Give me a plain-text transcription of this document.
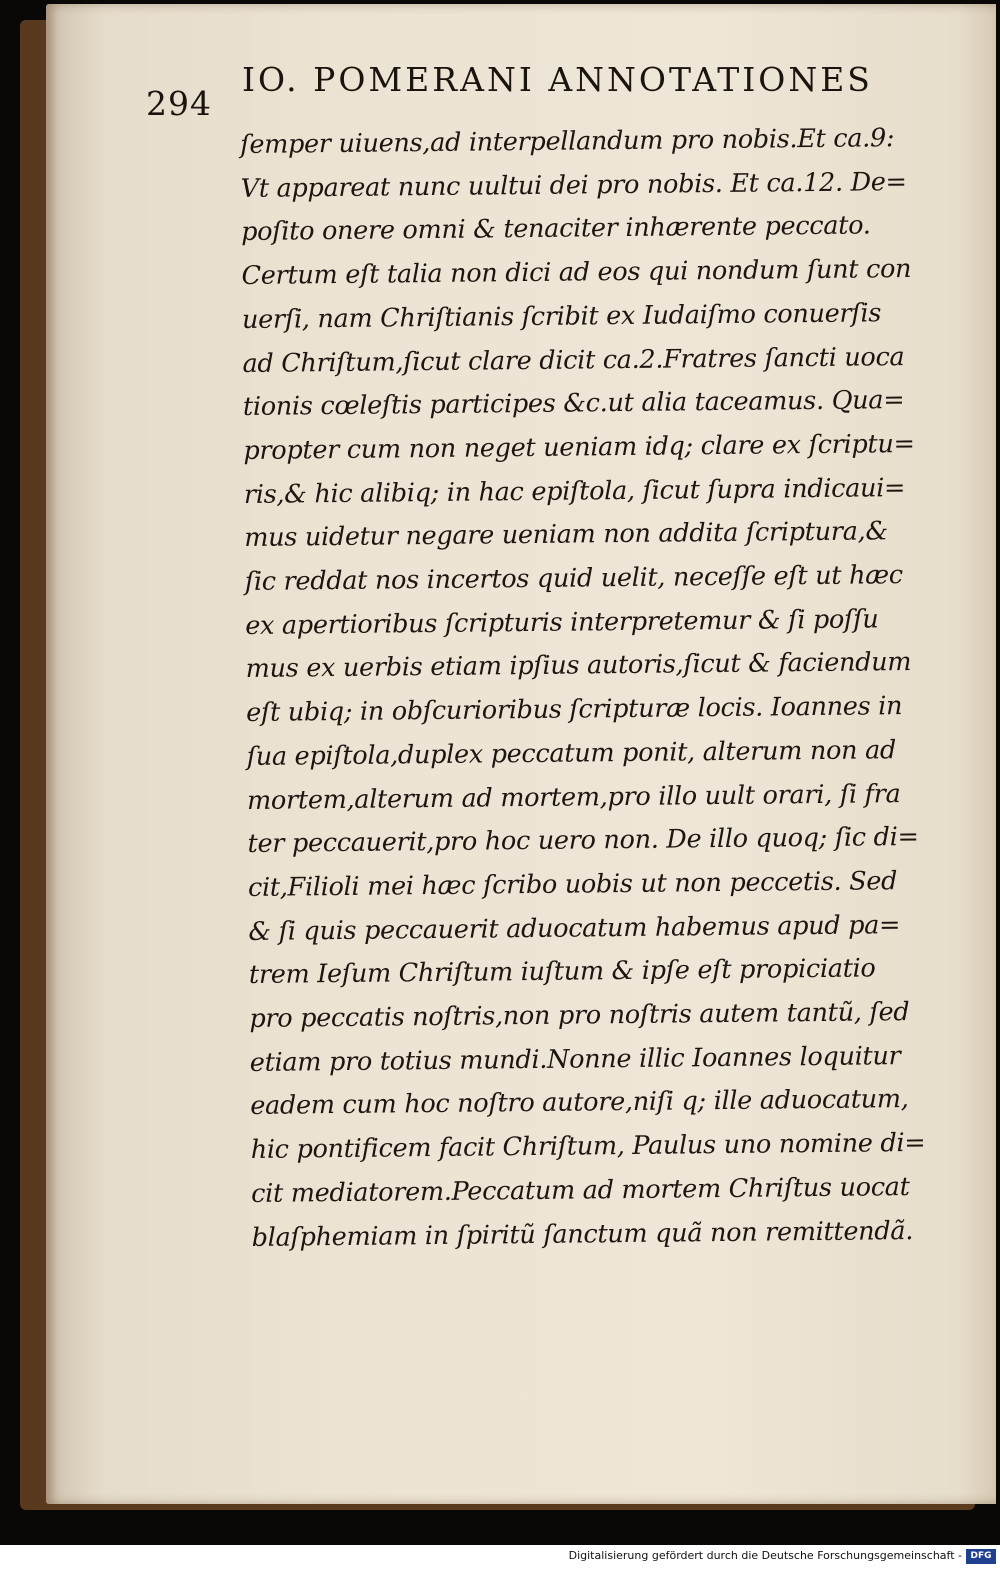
294
IO. POMERANI ANNOTATIONES
ſemper uiuens,ad interpellandum pro nobis.Et ca.9:
Vt appareat nunc uultui dei pro nobis. Et ca.12. De=
poſito onere omni & tenaciter inhærente peccato.
Certum eſt talia non dici ad eos qui nondum ſunt con
uerſi, nam Chriſtianis ſcribit ex Iudaiſmo conuerſis
ad Chriſtum,ſicut clare dicit ca.2.Fratres ſancti uoca
tionis cœleſtis participes &c.ut alia taceamus. Qua=
propter cum non neget ueniam idq; clare ex ſcriptu=
ris,& hic alibiq; in hac epiſtola, ſicut ſupra indicaui=
mus uidetur negare ueniam non addita ſcriptura,&
ſic reddat nos incertos quid uelit, neceſſe eſt ut hæc
ex apertioribus ſcripturis interpretemur & ſi poſſu
mus ex uerbis etiam ipſius autoris,ſicut & faciendum
eſt ubiq; in obſcurioribus ſcripturæ locis. Ioannes in
ſua epiſtola,duplex peccatum ponit, alterum non ad
mortem,alterum ad mortem,pro illo uult orari, ſi fra
ter peccauerit,pro hoc uero non. De illo quoq; ſic di=
cit,Filioli mei hæc ſcribo uobis ut non peccetis. Sed
& ſi quis peccauerit aduocatum habemus apud pa=
trem Ieſum Chriſtum iuſtum & ipſe eſt propiciatio
pro peccatis noſtris,non pro noſtris autem tantũ, ſed
etiam pro totius mundi.Nonne illic Ioannes loquitur
eadem cum hoc noſtro autore,niſi q; ille aduocatum,
hic pontificem facit Chriſtum, Paulus uno nomine di=
cit mediatorem.Peccatum ad mortem Chriſtus uocat
blaſphemiam in ſpiritũ ſanctum quã non remittendã.
Digitalisierung gefördert durch die Deutsche Forschungsgemeinschaft - DFG
